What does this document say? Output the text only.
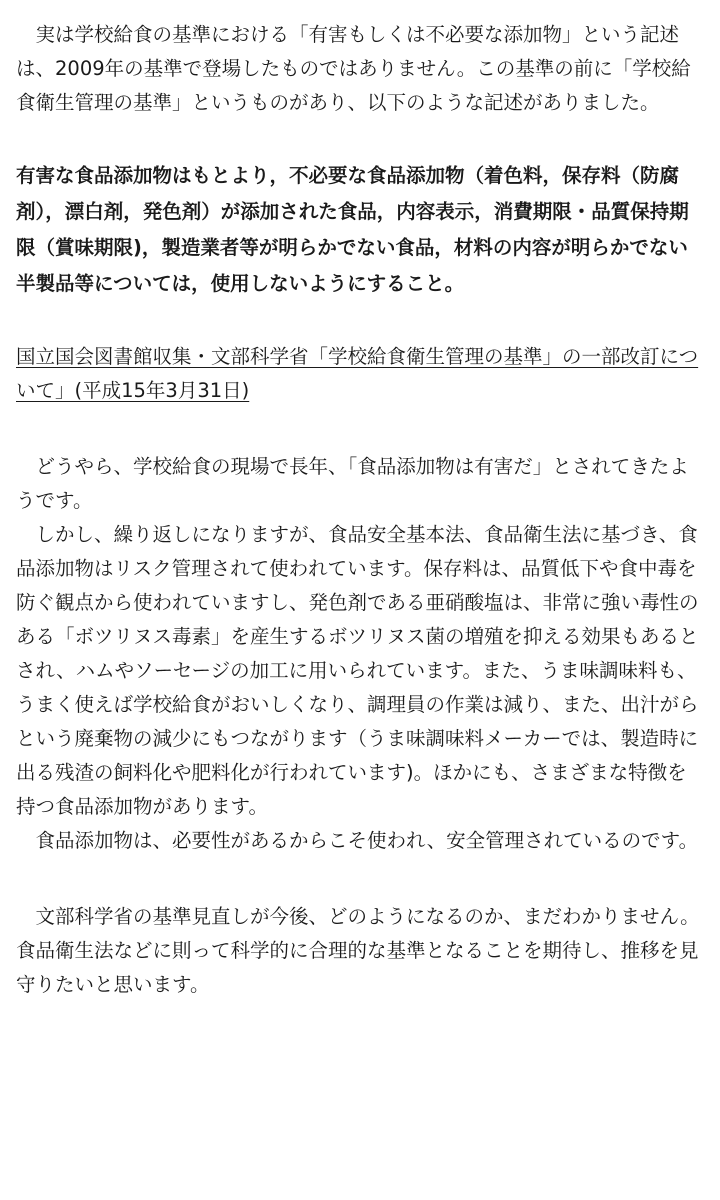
　実は学校給食の基準における「有害もしくは不必要な添加物」という記述は、2009年の基準で登場したものではありません。この基準の前に「学校給食衛生管理の基準」というものがあり、以下のような記述がありました。

有害な食品添加物はもとより，不必要な食品添加物（着色料，保存料（防腐剤），漂白剤，発色剤）が添加された食品，内容表示，消費期限・品質保持期限（賞味期限)，製造業者等が明らかでない食品，材料の内容が明らかでない半製品等については，使用しないようにすること。

国立国会図書館収集・文部科学省「学校給食衛生管理の基準」の一部改訂について」(平成15年3月31日)

　どうやら、学校給食の現場で長年、「食品添加物は有害だ」とされてきたようです。

　しかし、繰り返しになりますが、食品安全基本法、食品衛生法に基づき、食品添加物はリスク管理されて使われています。保存料は、品質低下や食中毒を防ぐ観点から使われていますし、発色剤である亜硝酸塩は、非常に強い毒性のある「ボツリヌス毒素」を産生するボツリヌス菌の増殖を抑える効果もあるとされ、ハムやソーセージの加工に用いられています。また、うま味調味料も、うまく使えば学校給食がおいしくなり、調理員の作業は減り、また、出汁がらという廃棄物の減少にもつながります（うま味調味料メーカーでは、製造時に出る残渣の飼料化や肥料化が行われています)。ほかにも、さまざまな特徴を持つ食品添加物があります。

　食品添加物は、必要性があるからこそ使われ、安全管理されているのです。

　文部科学省の基準見直しが今後、どのようになるのか、まだわかりません。食品衛生法などに則って科学的に合理的な基準となることを期待し、推移を見守りたいと思います。
